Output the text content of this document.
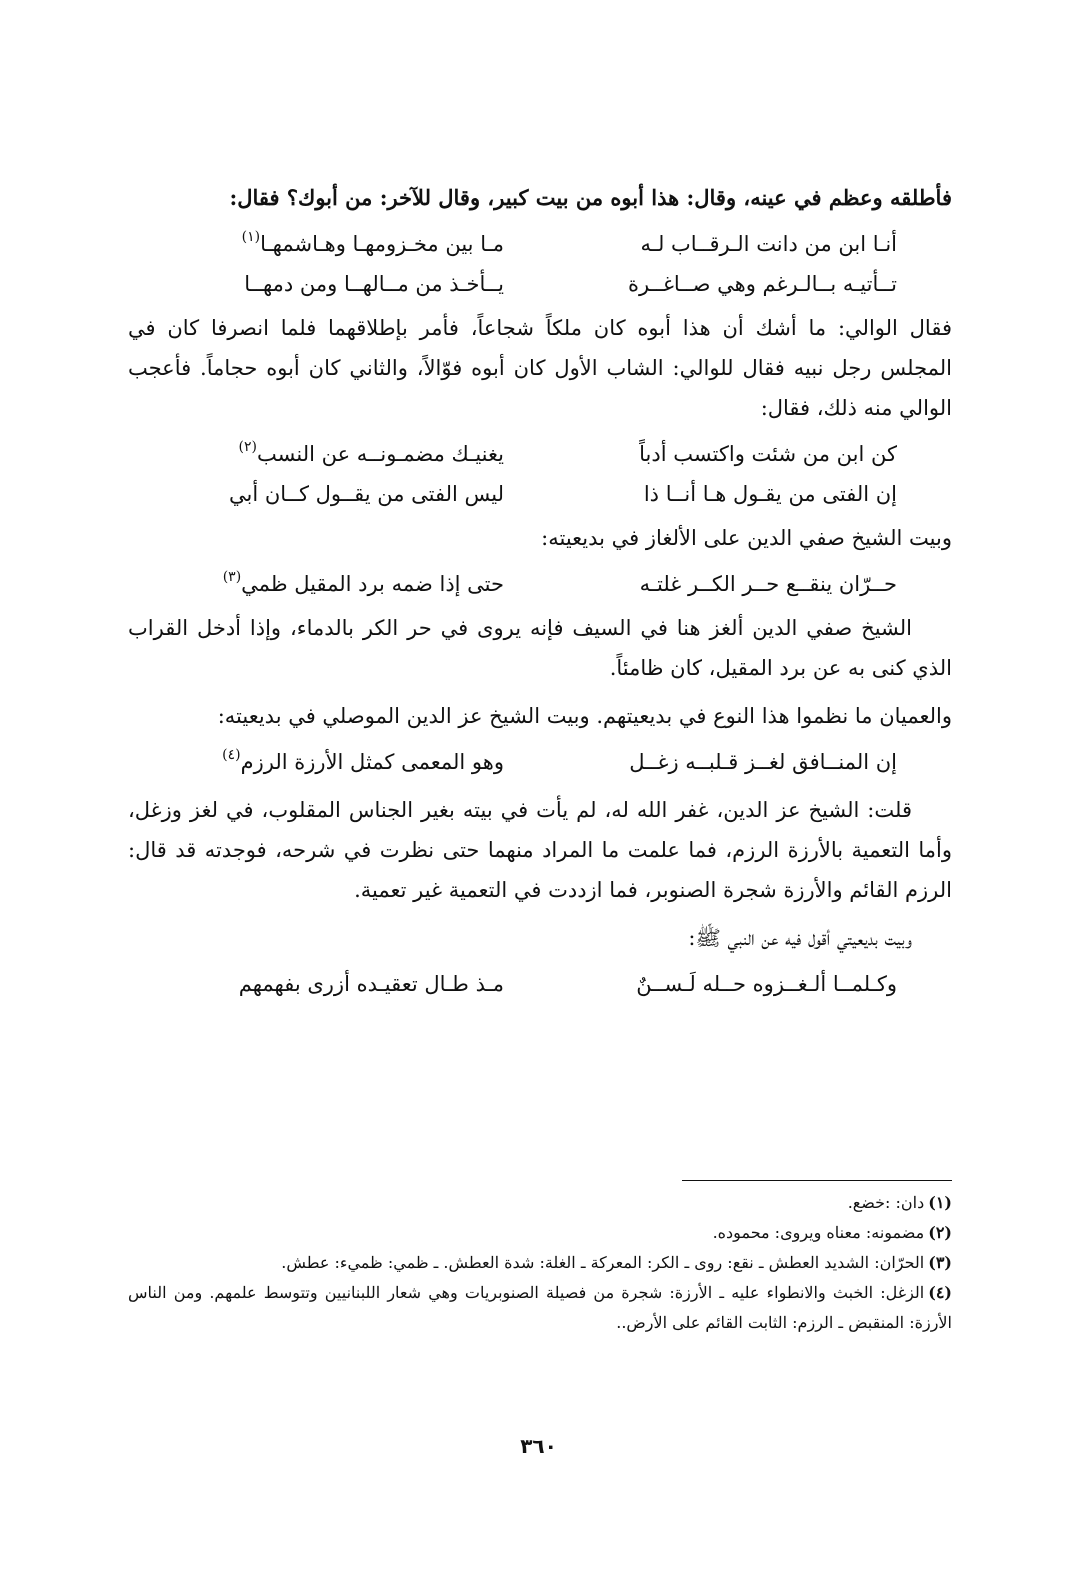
فأطلقه وعظم في عينه، وقال: هذا أبوه من بيت كبير، وقال للآخر: من أبوك؟ فقال:

أنـا ابن من دانت الـرقــاب لـه
مـا بين مخـزومهـا وهـاشمهـا$^{(١)}$
تــأتيـه بــالـرغم وهي صــاغــرة
يــأخـذ من مــالهــا ومن دمهــا

فقال الوالي: ما أشك أن هذا أبوه كان ملكاً شجاعاً، فأمر بإطلاقهما فلما انصرفا كان في المجلس رجل نبيه فقال للوالي: الشاب الأول كان أبوه فوّالاً، والثاني كان أبوه حجاماً. فأعجب الوالي منه ذلك، فقال:

كن ابن من شئت واكتسب أدباً
يغنيـك مضمـونــه عن النسب$^{(٢)}$
إن الفتى من يقـول هـا أنــا ذا
ليس الفتى من يقــول كــان أبي

وبيت الشيخ صفي الدين على الألغاز في بديعيته:

حــرّان ينقــع حــر الكــر غلتـه
حتى إذا ضمه برد المقيل ظمي$^{(٣)}$

الشيخ صفي الدين ألغز هنا في السيف فإنه يروى في حر الكر بالدماء، وإذا أدخل القراب الذي كنى به عن برد المقيل، كان ظامئاً.

والعميان ما نظموا هذا النوع في بديعيتهم. وبيت الشيخ عز الدين الموصلي في بديعيته:

إن المنــافق لغــز قـلبــه زغــل
وهو المعمى كمثل الأرزة الرزم$^{(٤)}$

قلت: الشيخ عز الدين، غفر الله له، لم يأت في بيته بغير الجناس المقلوب، في لغز وزغل، وأما التعمية بالأرزة الرزم، فما علمت ما المراد منهما حتى نظرت في شرحه، فوجدته قد قال: الرزم القائم والأرزة شجرة الصنوبر، فما ازددت في التعمية غير تعمية.

وبيت بديعيتي أقول فيه عن النبي ﷺ:

وكـلمــا ألـغــزوه حــله لَـســنٌ
مـذ طـال تعقيـده أزرى بفهمهم

(١)دان: :خضع.

(٢)مضمونه: معناه ويروى: محموده.

(٣)الحرّان: الشديد العطش ـ نقع: روى ـ الكر: المعركة ـ الغلة: شدة العطش. ـ ظمي: ظميء: عطش.

(٤)الزغل: الخبث والانطواء عليه ـ الأرزة: شجرة من فصيلة الصنوبريات وهي شعار اللبنانيين وتتوسط علمهم. ومن الناس الأرزة: المنقبض ـ الرزم: الثابت القائم على الأرض..

٣٦٠
